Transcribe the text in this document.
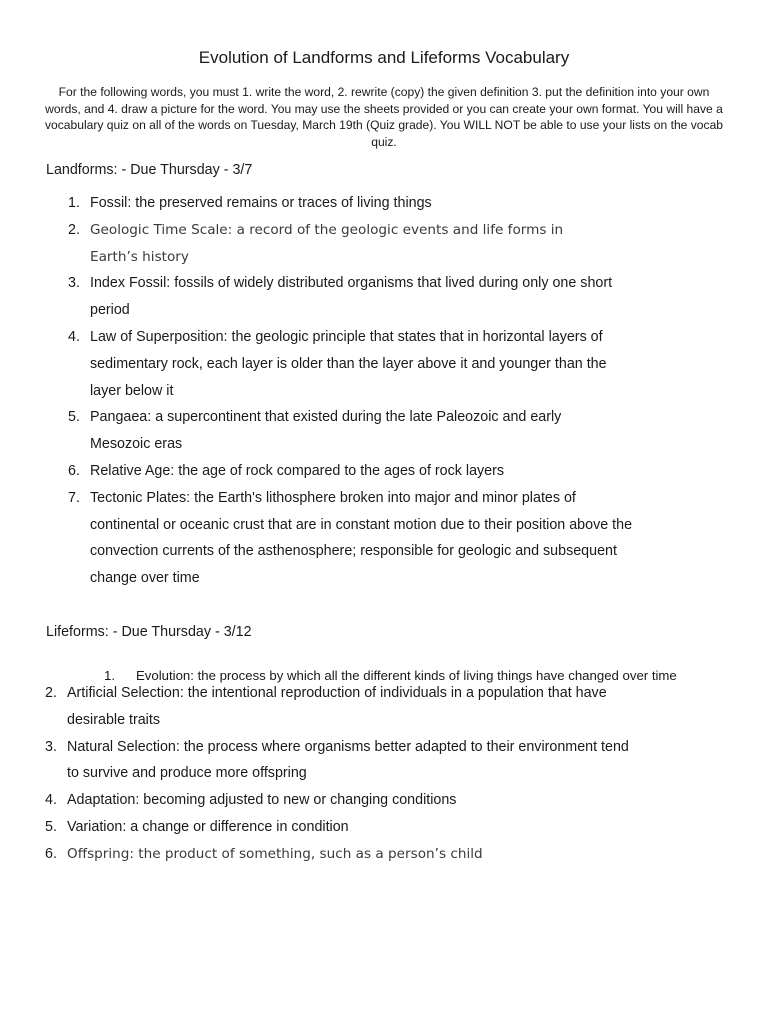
Evolution of Landforms and Lifeforms Vocabulary
For the following words, you must 1. write the word, 2. rewrite (copy) the given definition 3. put the definition into your own words, and 4. draw a picture for the word. You may use the sheets provided or you can create your own format. You will have a vocabulary quiz on all of the words on Tuesday, March 19th (Quiz grade). You WILL NOT be able to use your lists on the vocab quiz.
Landforms: - Due Thursday - 3/7
1. Fossil: the preserved remains or traces of living things
2. Geologic Time Scale: a record of the geologic events and life forms in Earth’s history
3. Index Fossil: fossils of widely distributed organisms that lived during only one short period
4. Law of Superposition: the geologic principle that states that in horizontal layers of sedimentary rock, each layer is older than the layer above it and younger than the layer below it
5. Pangaea: a supercontinent that existed during the late Paleozoic and early Mesozoic eras
6. Relative Age: the age of rock compared to the ages of rock layers
7. Tectonic Plates: the Earth's lithosphere broken into major and minor plates of continental or oceanic crust that are in constant motion due to their position above the convection currents of the asthenosphere; responsible for geologic and subsequent change over time
Lifeforms: - Due Thursday - 3/12
1. Evolution: the process by which all the different kinds of living things have changed over time
2. Artificial Selection: the intentional reproduction of individuals in a population that have desirable traits
3. Natural Selection: the process where organisms better adapted to their environment tend to survive and produce more offspring
4. Adaptation: becoming adjusted to new or changing conditions
5. Variation: a change or difference in condition
6. Offspring: the product of something, such as a person’s child
